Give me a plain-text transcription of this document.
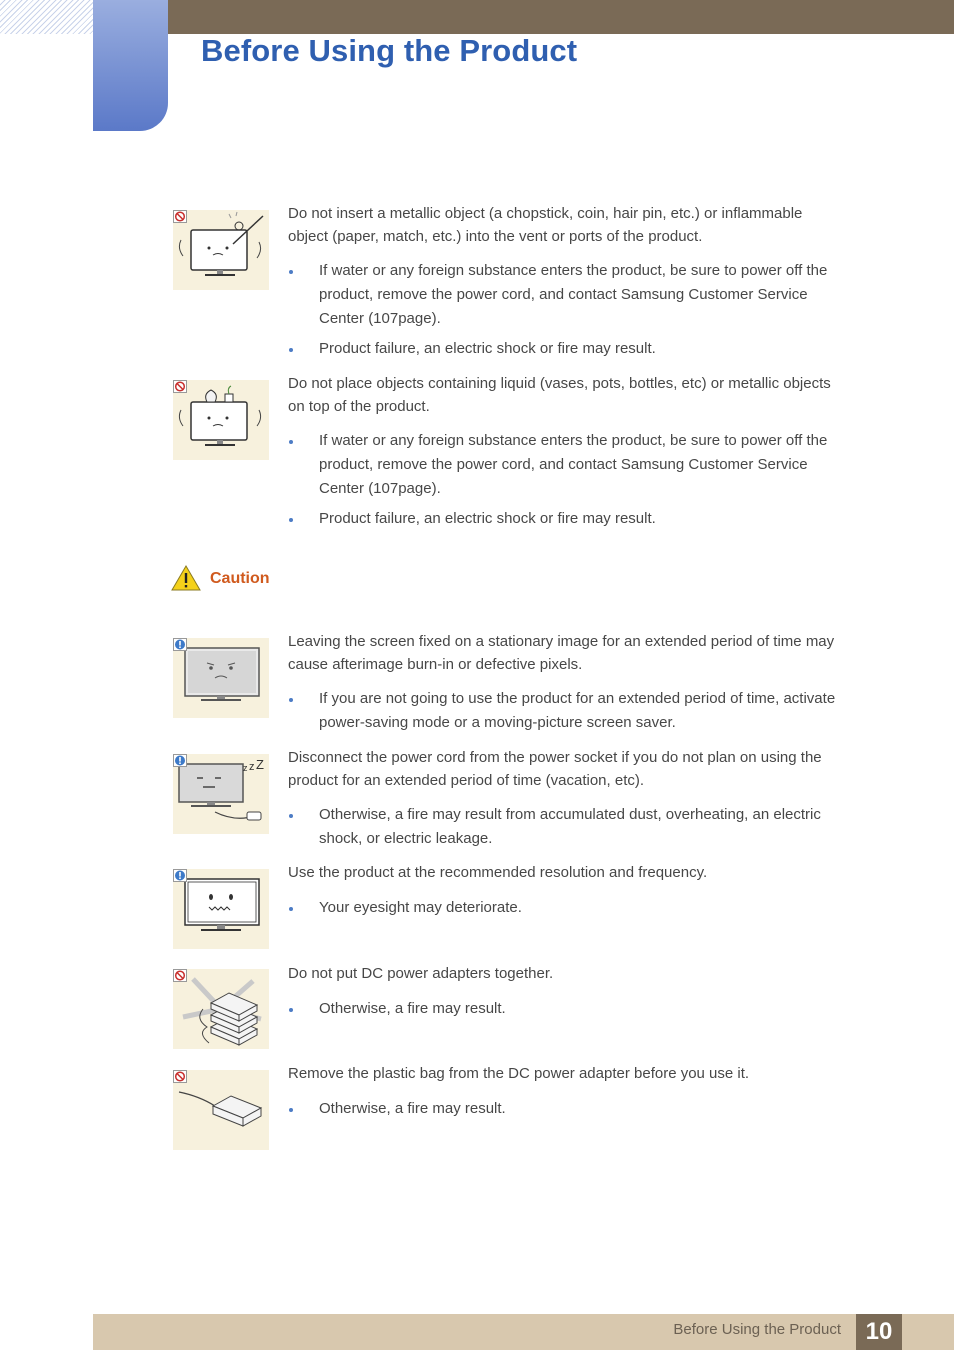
Before Using the Product

Do not insert a metallic object (a chopstick, coin, hair pin, etc.) or inflammable object (paper, match, etc.) into the vent or ports of the product.

If water or any foreign substance enters the product, be sure to power off the product, remove the power cord, and contact Samsung Customer Service Center (107page).
Product failure, an electric shock or fire may result.

Do not place objects containing liquid (vases, pots, bottles, etc) or metallic objects on top of the product.

If water or any foreign substance enters the product, be sure to power off the product, remove the power cord, and contact Samsung Customer Service Center (107page).
Product failure, an electric shock or fire may result.
Caution

Leaving the screen fixed on a stationary image for an extended period of time may cause afterimage burn-in or defective pixels.

If you are not going to use the product for an extended period of time, activate power-saving mode or a moving-picture screen saver.
z z Z Disconnect the power cord from the power socket if you do not plan on using the product for an extended period of time (vacation, etc).

Otherwise, a fire may result from accumulated dust, overheating, an electric shock, or electric leakage.

Use the product at the recommended resolution and frequency.

Your eyesight may deteriorate.

Do not put DC power adapters together.

Otherwise, a fire may result.

Remove the plastic bag from the DC power adapter before you use it.

Otherwise, a fire may result.
Before Using the Product	10
